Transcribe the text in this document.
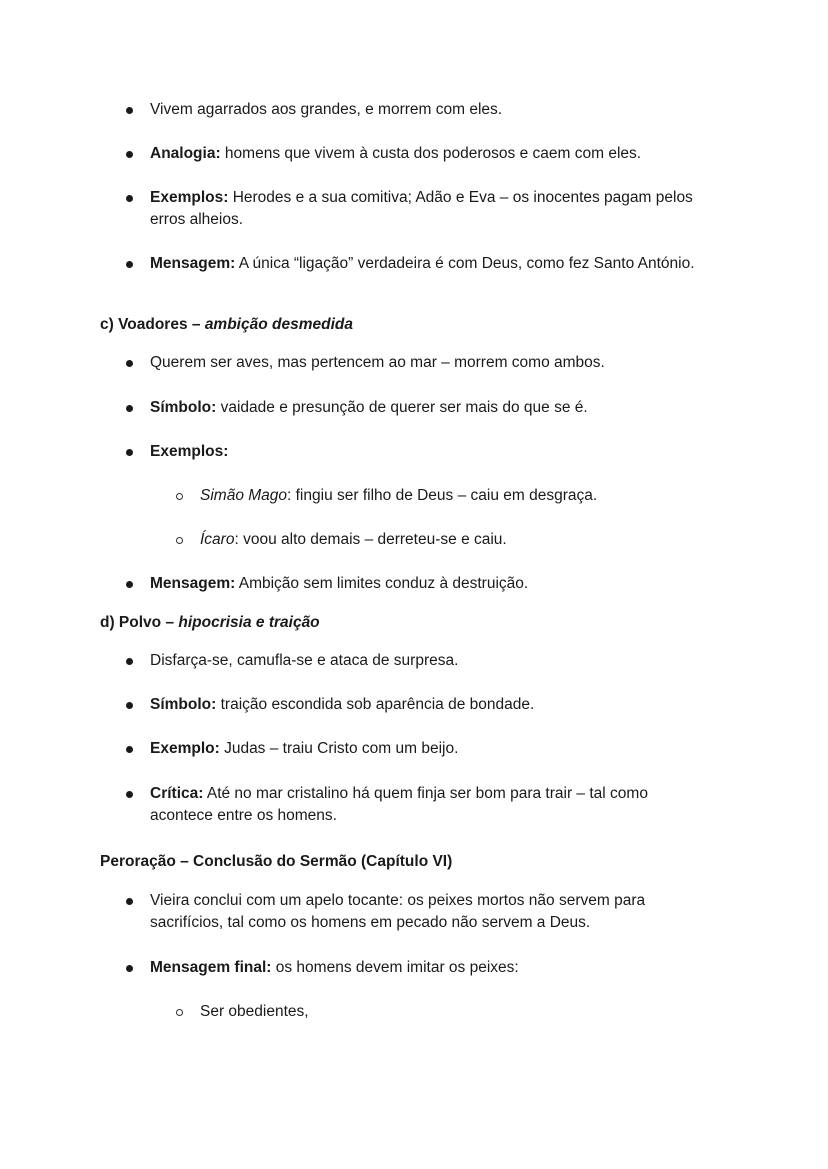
Vivem agarrados aos grandes, e morrem com eles.
Analogia: homens que vivem à custa dos poderosos e caem com eles.
Exemplos: Herodes e a sua comitiva; Adão e Eva – os inocentes pagam pelos erros alheios.
Mensagem: A única “ligação” verdadeira é com Deus, como fez Santo António.
c) Voadores – ambição desmedida
Querem ser aves, mas pertencem ao mar – morrem como ambos.
Símbolo: vaidade e presunção de querer ser mais do que se é.
Exemplos:
Simão Mago: fingiu ser filho de Deus – caiu em desgraça.
Ícaro: voou alto demais – derreteu-se e caiu.
Mensagem: Ambição sem limites conduz à destruição.
d) Polvo – hipocrisia e traição
Disfarça-se, camufla-se e ataca de surpresa.
Símbolo: traição escondida sob aparência de bondade.
Exemplo: Judas – traiu Cristo com um beijo.
Crítica: Até no mar cristalino há quem finja ser bom para trair – tal como acontece entre os homens.
Peroração – Conclusão do Sermão (Capítulo VI)
Vieira conclui com um apelo tocante: os peixes mortos não servem para sacrifícios, tal como os homens em pecado não servem a Deus.
Mensagem final: os homens devem imitar os peixes:
Ser obedientes,
